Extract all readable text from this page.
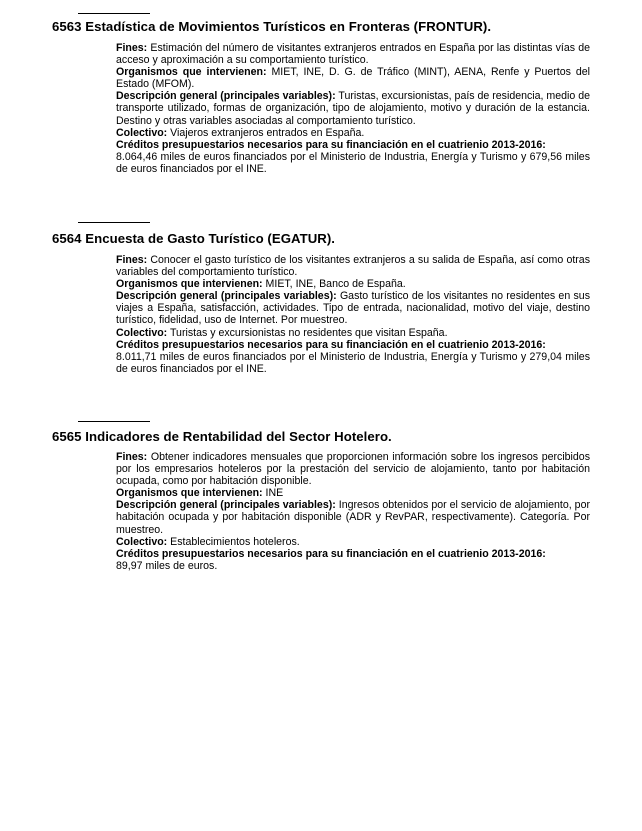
6563 Estadística de Movimientos Turísticos en Fronteras (FRONTUR).

Fines: Estimación del número de visitantes extranjeros entrados en España por las distintas vías de acceso y aproximación a su comportamiento turístico.

Organismos que intervienen: MIET, INE, D. G. de Tráfico (MINT), AENA, Renfe y Puertos del Estado (MFOM).

Descripción general (principales variables): Turistas, excursionistas, país de residencia, medio de transporte utilizado, formas de organización, tipo de alojamiento, motivo y duración de la estancia. Destino y otras variables asociadas al comportamiento turístico.

Colectivo: Viajeros extranjeros entrados en España.

Créditos presupuestarios necesarios para su financiación en el cuatrienio 2013-2016:
8.064,46 miles de euros financiados por el Ministerio de Industria, Energía y Turismo y 679,56 miles de euros financiados por el INE.

6564 Encuesta de Gasto Turístico (EGATUR).

Fines: Conocer el gasto turístico de los visitantes extranjeros a su salida de España, así como otras variables del comportamiento turístico.

Organismos que intervienen: MIET, INE, Banco de España.

Descripción general (principales variables): Gasto turístico de los visitantes no residentes en sus viajes a España, satisfacción, actividades. Tipo de entrada, nacionalidad, motivo del viaje, destino turístico, fidelidad, uso de Internet. Por muestreo.

Colectivo: Turistas y excursionistas no residentes que visitan España.

Créditos presupuestarios necesarios para su financiación en el cuatrienio 2013-2016:
8.011,71 miles de euros financiados por el Ministerio de Industria, Energía y Turismo y 279,04 miles de euros financiados por el INE.

6565 Indicadores de Rentabilidad del Sector Hotelero.

Fines: Obtener indicadores mensuales que proporcionen información sobre los ingresos percibidos por los empresarios hoteleros por la prestación del servicio de alojamiento, tanto por habitación ocupada, como por habitación disponible.

Organismos que intervienen: INE

Descripción general (principales variables): Ingresos obtenidos por el servicio de alojamiento, por habitación ocupada y por habitación disponible (ADR y RevPAR, respectivamente). Categoría. Por muestreo.

Colectivo: Establecimientos hoteleros.

Créditos presupuestarios necesarios para su financiación en el cuatrienio 2013-2016:
89,97 miles de euros.
